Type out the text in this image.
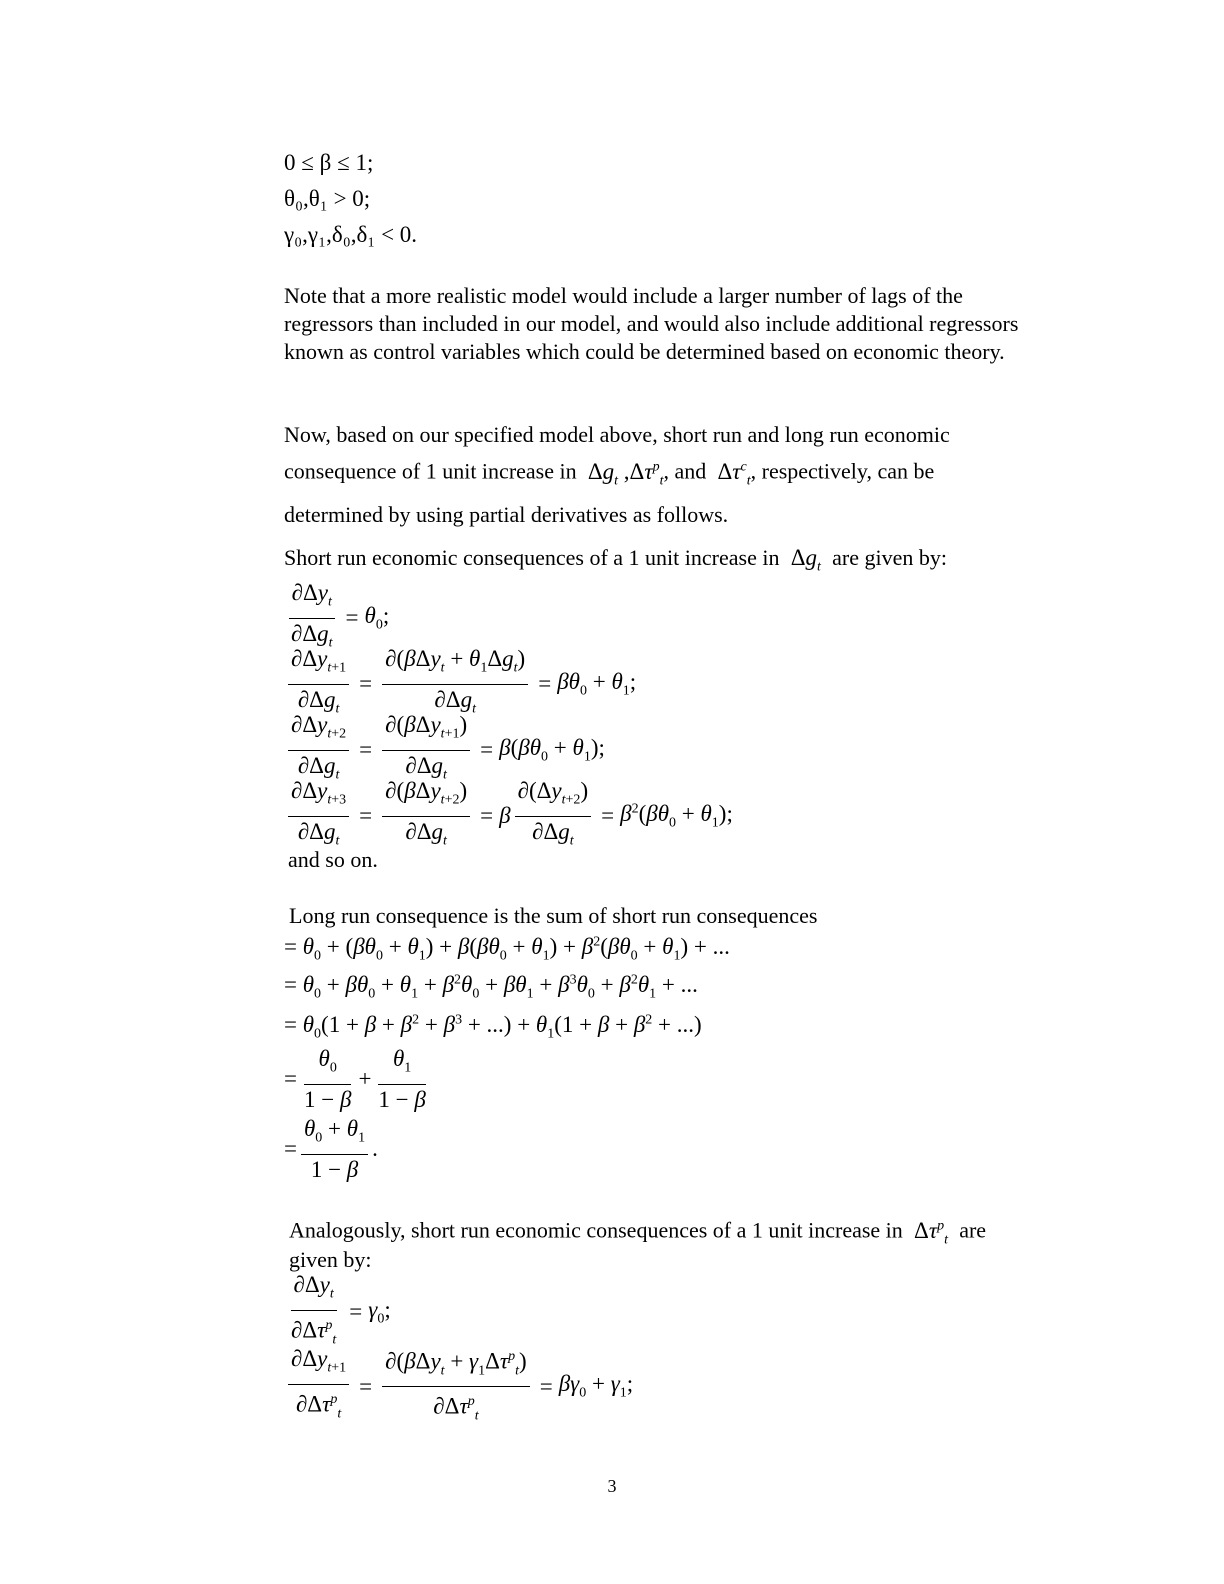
0 ≤ β ≤ 1;
θ₀,θ₁ > 0;
γ₀,γ₁,δ₀,δ₁ < 0.

Note that a more realistic model would include a larger number of lags of the regressors than included in our model, and would also include additional regressors known as control variables which could be determined based on economic theory.

Now, based on our specified model above, short run and long run economic
consequence of 1 unit increase in  $\Delta g_t$ $,\Delta\tau^p_t$, and  $\Delta\tau^c_t$, respectively, can be
determined by using partial derivatives as follows.
Short run economic consequences of a 1 unit increase in  $\Delta g_t$ are given by:
$\frac{\partial\Delta y_t}{\partial\Delta g_t} = \theta_0$;
$\frac{\partial\Delta y_{t+1}}{\partial\Delta g_t} = \frac{\partial(\beta\Delta y_t + \theta_1\Delta g_t)}{\partial\Delta g_t} = \beta\theta_0 + \theta_1$;
$\frac{\partial\Delta y_{t+2}}{\partial\Delta g_t} = \frac{\partial(\beta\Delta y_{t+1})}{\partial\Delta g_t} = \beta(\beta\theta_0 + \theta_1)$;
$\frac{\partial\Delta y_{t+3}}{\partial\Delta g_t} = \frac{\partial(\beta\Delta y_{t+2})}{\partial\Delta g_t} = \beta \frac{\partial(\Delta y_{t+2})}{\partial\Delta g_t} = \beta^2(\beta\theta_0 + \theta_1)$;
and so on.
Long run consequence is the sum of short run consequences
= $\theta_0 + (\beta\theta_0 + \theta_1) + \beta(\beta\theta_0 + \theta_1) + \beta^2(\beta\theta_0 + \theta_1)$ + ...
= $\theta_0 + \beta\theta_0 + \theta_1 + \beta^2\theta_0 + \beta\theta_1 + \beta^3\theta_0 + \beta^2\theta_1$ + ...
= $\theta_0(1 + \beta + \beta^2 + \beta^3$ + ...) + $\theta_1(1 + \beta + \beta^2$ + ...)
= $\frac{\theta_0}{1 - \beta} + \frac{\theta_1}{1 - \beta}$
= $\frac{\theta_0 + \theta_1}{1 - \beta}$ .
Analogously, short run economic consequences of a 1 unit increase in  $\Delta\tau^p_t$ are
given by:
$\frac{\partial\Delta y_t}{\partial\Delta\tau^p_t} = \gamma_0$;
$\frac{\partial\Delta y_{t+1}}{\partial\Delta\tau^p_t} = \frac{\partial(\beta\Delta y_t + \gamma_1\Delta\tau^p_t)}{\partial\Delta\tau^p_t} = \beta\gamma_0 + \gamma_1$;
3
